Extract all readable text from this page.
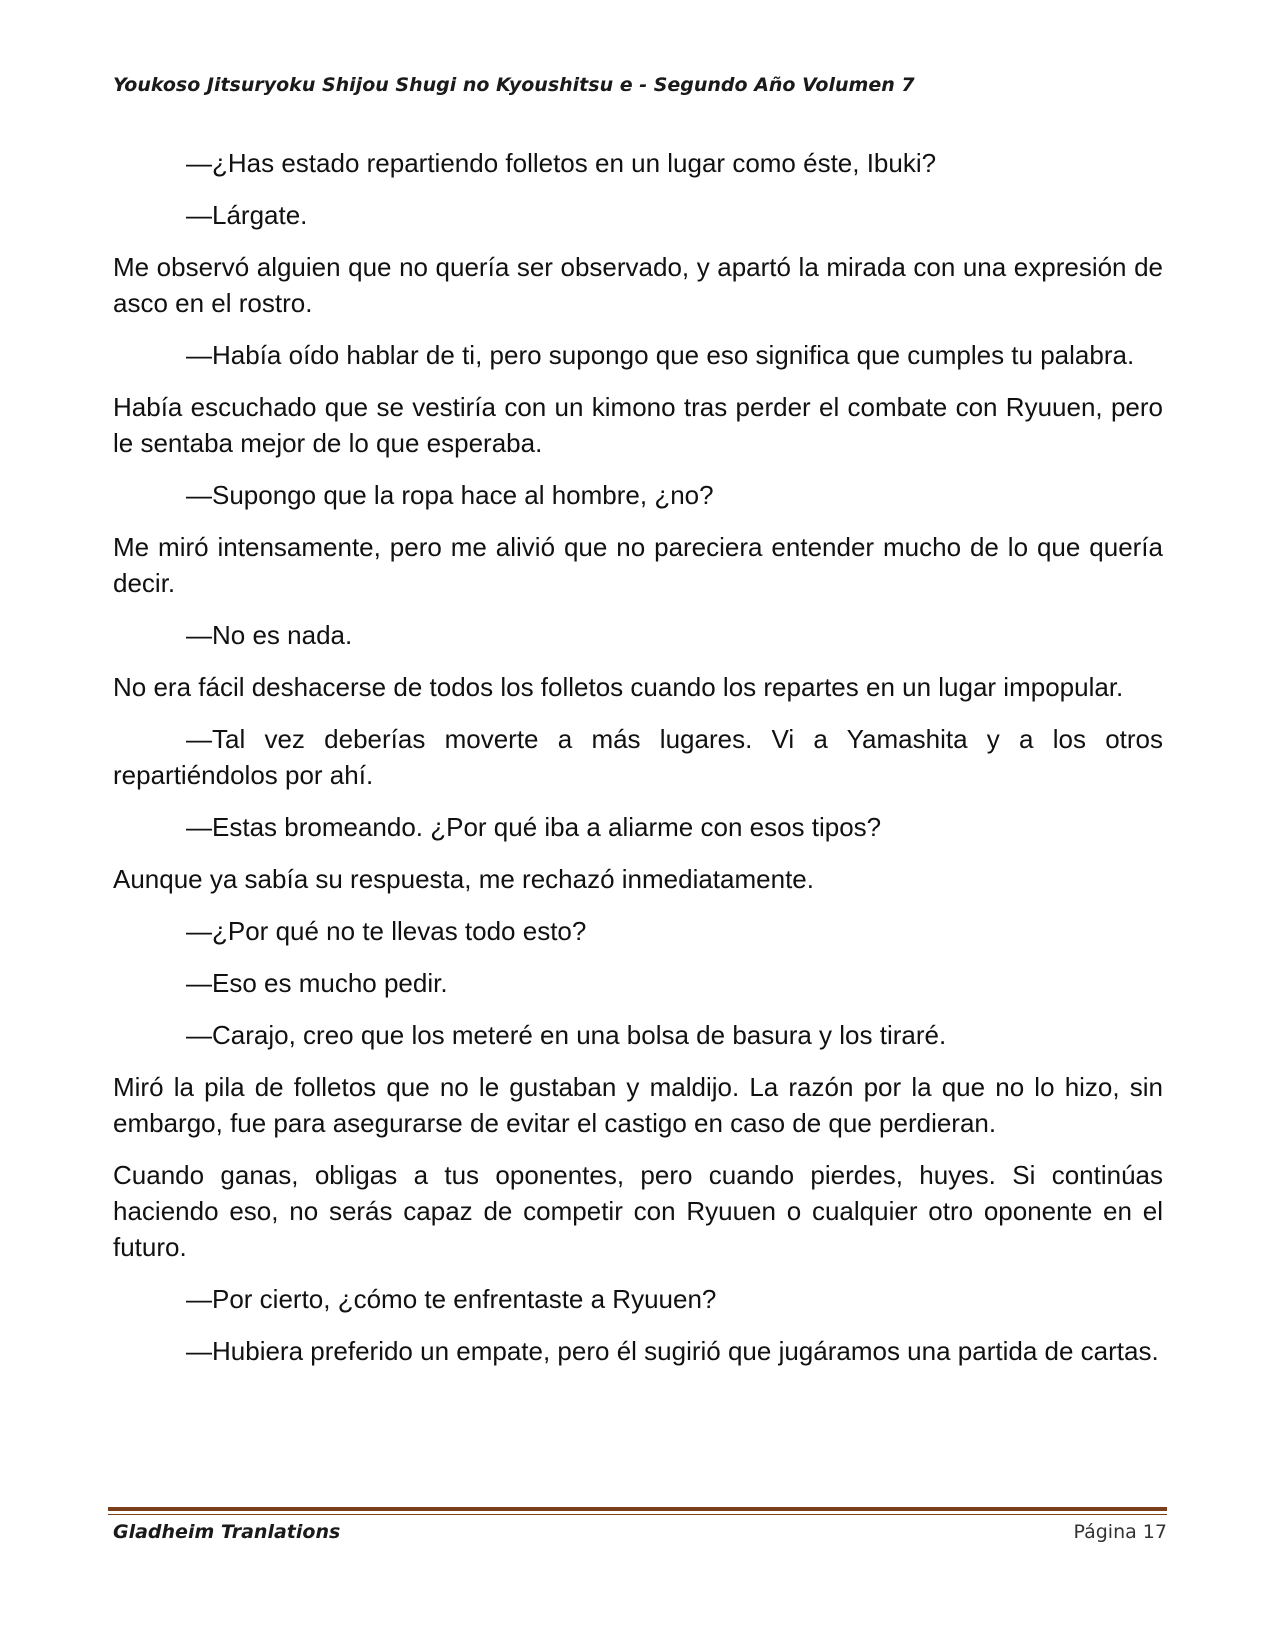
Youkoso Jitsuryoku Shijou Shugi no Kyoushitsu e - Segundo Año Volumen 7

—¿Has estado repartiendo folletos en un lugar como éste, Ibuki?

—Lárgate.

Me observó alguien que no quería ser observado, y apartó la mirada con una expresión de asco en el rostro.

—Había oído hablar de ti, pero supongo que eso significa que cumples tu palabra.

Había escuchado que se vestiría con un kimono tras perder el combate con Ryuuen, pero le sentaba mejor de lo que esperaba.

—Supongo que la ropa hace al hombre, ¿no?

Me miró intensamente, pero me alivió que no pareciera entender mucho de lo que quería decir.

—No es nada.

No era fácil deshacerse de todos los folletos cuando los repartes en un lugar impopular.

—Tal vez deberías moverte a más lugares. Vi a Yamashita y a los otros repartiéndolos por ahí.

—Estas bromeando. ¿Por qué iba a aliarme con esos tipos?

Aunque ya sabía su respuesta, me rechazó inmediatamente.

—¿Por qué no te llevas todo esto?

—Eso es mucho pedir.

—Carajo, creo que los meteré en una bolsa de basura y los tiraré.

Miró la pila de folletos que no le gustaban y maldijo. La razón por la que no lo hizo, sin embargo, fue para asegurarse de evitar el castigo en caso de que perdieran.

Cuando ganas, obligas a tus oponentes, pero cuando pierdes, huyes. Si continúas haciendo eso, no serás capaz de competir con Ryuuen o cualquier otro oponente en el futuro.

—Por cierto, ¿cómo te enfrentaste a Ryuuen?

—Hubiera preferido un empate, pero él sugirió que jugáramos una partida de cartas.

Gladheim Tranlations	Página 17
